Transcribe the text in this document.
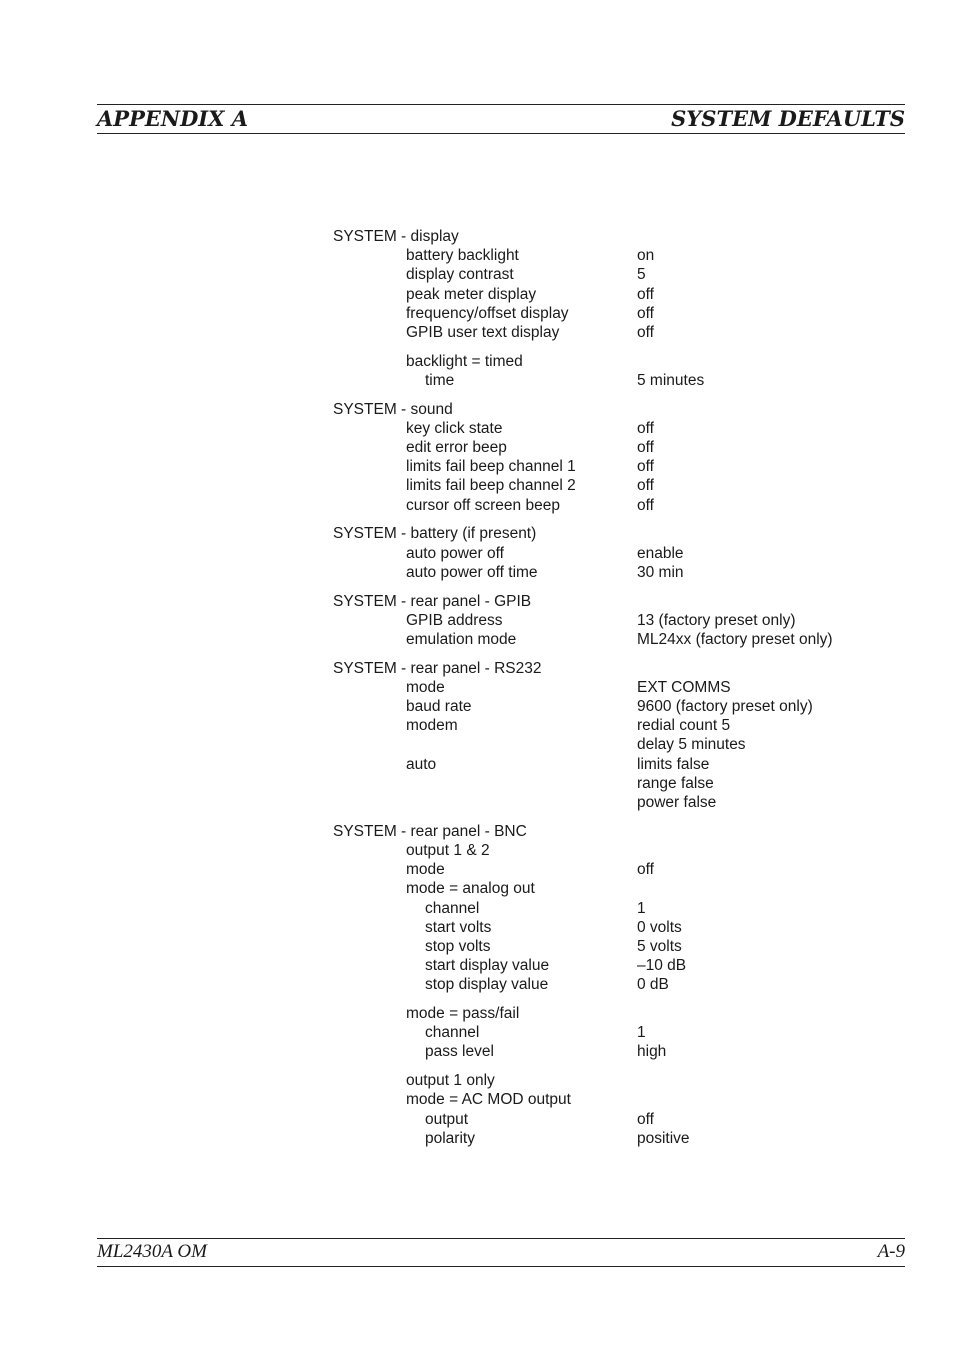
APPENDIX A	SYSTEM DEFAULTS
SYSTEM - display
battery backlight	on
display contrast	5
peak meter display	off
frequency/offset display	off
GPIB user text display	off
backlight = timed
time	5 minutes
SYSTEM - sound
key click state	off
edit error beep	off
limits fail beep channel 1	off
limits fail beep channel 2	off
cursor off screen beep	off
SYSTEM - battery (if present)
auto power off	enable
auto power off time	30 min
SYSTEM - rear panel - GPIB
GPIB address	13 (factory preset only)
emulation mode	ML24xx (factory preset only)
SYSTEM - rear panel - RS232
mode	EXT COMMS
baud rate	9600 (factory preset only)
modem	redial count 5
delay 5 minutes
auto	limits false
range false
power false
SYSTEM - rear panel - BNC
output 1 & 2
mode	off
mode = analog out
channel	1
start volts	0 volts
stop volts	5 volts
start display value	–10 dB
stop display value	0 dB
mode = pass/fail
channel	1
pass level	high
output 1 only
mode = AC MOD output
output	off
polarity	positive
ML2430A OM	A-9
